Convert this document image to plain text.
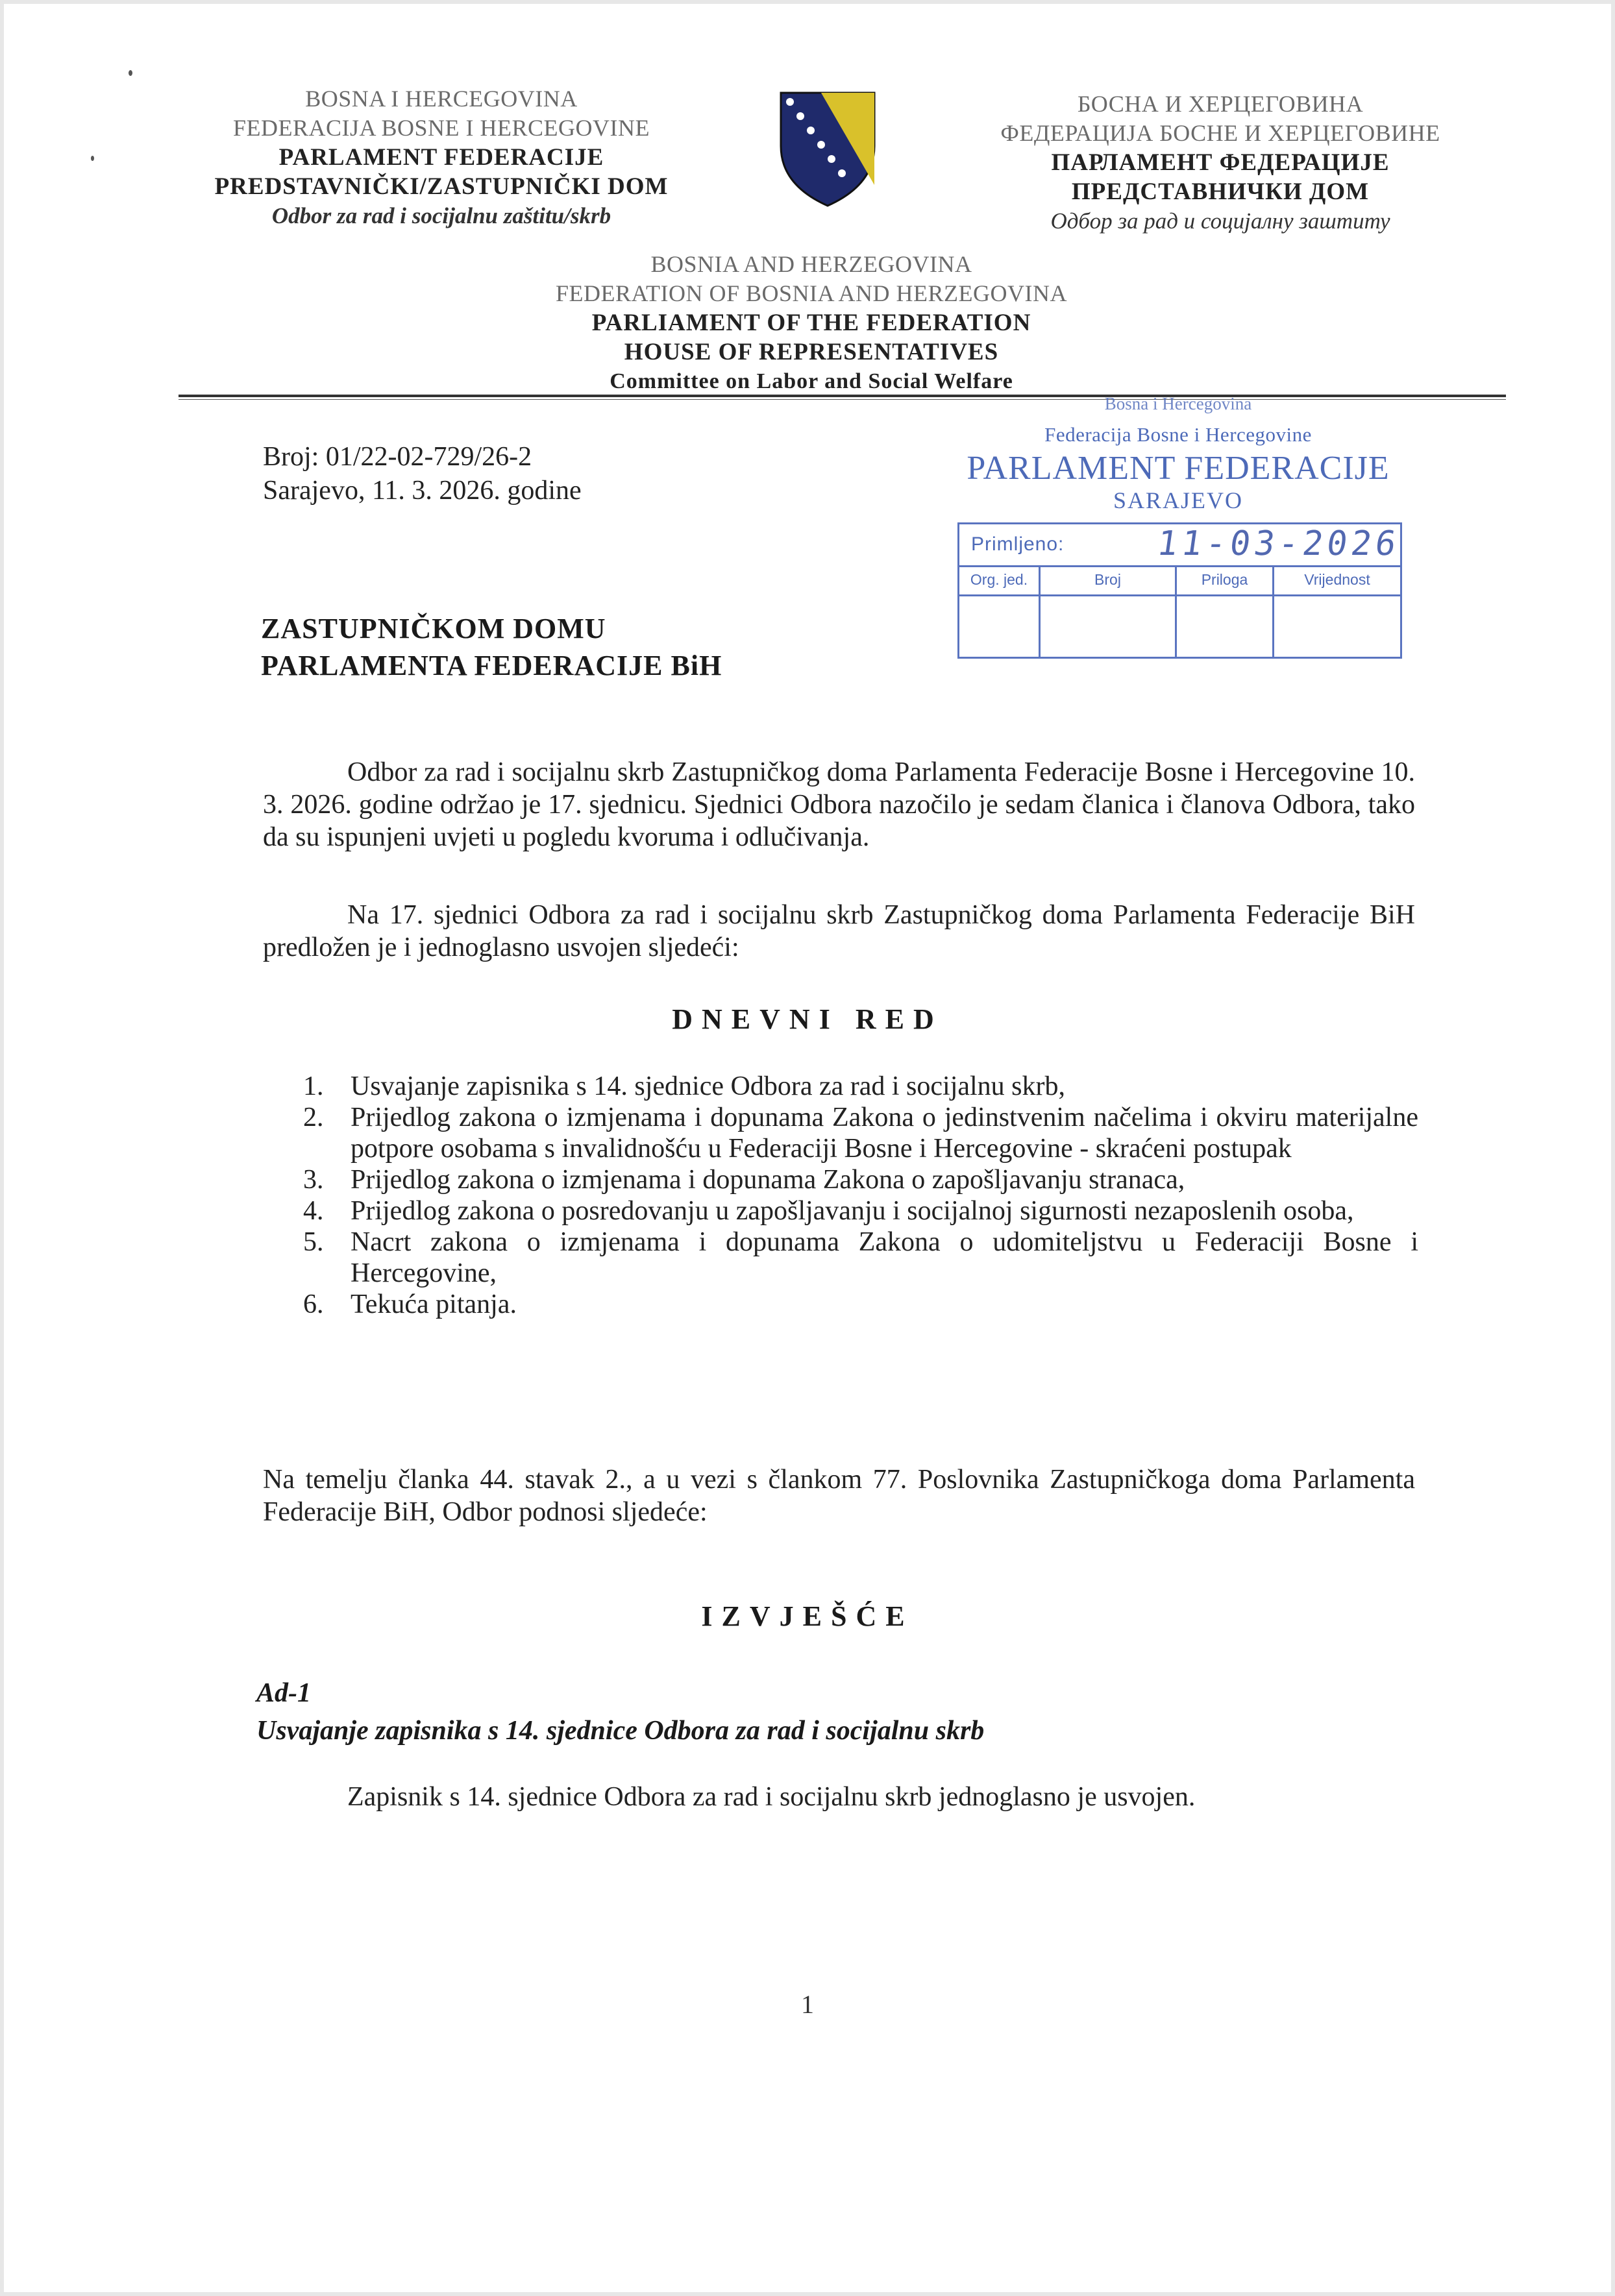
BOSNA I HERCEGOVINA
FEDERACIJA BOSNE I HERCEGOVINE
PARLAMENT FEDERACIJE
PREDSTAVNIČKI/ZASTUPNIČKI DOM
Odbor za rad i socijalnu zaštitu/skrb
БОСНА И ХЕРЦЕГОВИНА
ФЕДЕРАЦИЈА БОСНЕ И ХЕРЦЕГОВИНЕ
ПАРЛАМЕНТ ФЕДЕРАЦИЈЕ
ПРЕДСТАВНИЧКИ ДОМ
Одбор за рад и социјалну заштиту
BOSNIA AND HERZEGOVINA
FEDERATION OF BOSNIA AND HERZEGOVINA
PARLIAMENT OF THE FEDERATION
HOUSE OF REPRESENTATIVES
Committee on Labor and Social Welfare
Broj: 01/22-02-729/26-2
Sarajevo, 11. 3. 2026. godine
Bosna i Hercegovina
Federacija Bosne i Hercegovine
PARLAMENT FEDERACIJE
SARAJEVO
Primljeno:	11-03-2026
Org. jed.	Broj	Priloga	Vrijednost
ZASTUPNIČKOM DOMU
PARLAMENTA FEDERACIJE BiH
Odbor za rad i socijalnu skrb Zastupničkog doma Parlamenta Federacije Bosne i Hercegovine 10. 3. 2026. godine održao je 17. sjednicu. Sjednici Odbora nazočilo je sedam članica i članova Odbora, tako da su ispunjeni uvjeti u pogledu kvoruma i odlučivanja.
Na 17. sjednici Odbora za rad i socijalnu skrb Zastupničkog doma Parlamenta Federacije BiH predložen je i jednoglasno usvojen sljedeći:
DNEVNI RED
1. Usvajanje zapisnika s 14. sjednice Odbora za rad i socijalnu skrb,
2. Prijedlog zakona o izmjenama i dopunama Zakona o jedinstvenim načelima i okviru materijalne potpore osobama s invalidnošću u Federaciji Bosne i Hercegovine - skraćeni postupak
3. Prijedlog zakona o izmjenama i dopunama Zakona o zapošljavanju stranaca,
4. Prijedlog zakona o posredovanju u zapošljavanju i socijalnoj sigurnosti nezaposlenih osoba,
5. Nacrt zakona o izmjenama i dopunama Zakona o udomiteljstvu u Federaciji Bosne i Hercegovine,
6. Tekuća pitanja.
Na temelju članka 44. stavak 2., a u vezi s člankom 77. Poslovnika Zastupničkoga doma Parlamenta Federacije BiH, Odbor podnosi sljedeće:
IZVJEŠĆE
Ad-1
Usvajanje zapisnika s 14. sjednice Odbora za rad i socijalnu skrb
Zapisnik s 14. sjednice Odbora za rad i socijalnu skrb jednoglasno je usvojen.
1
